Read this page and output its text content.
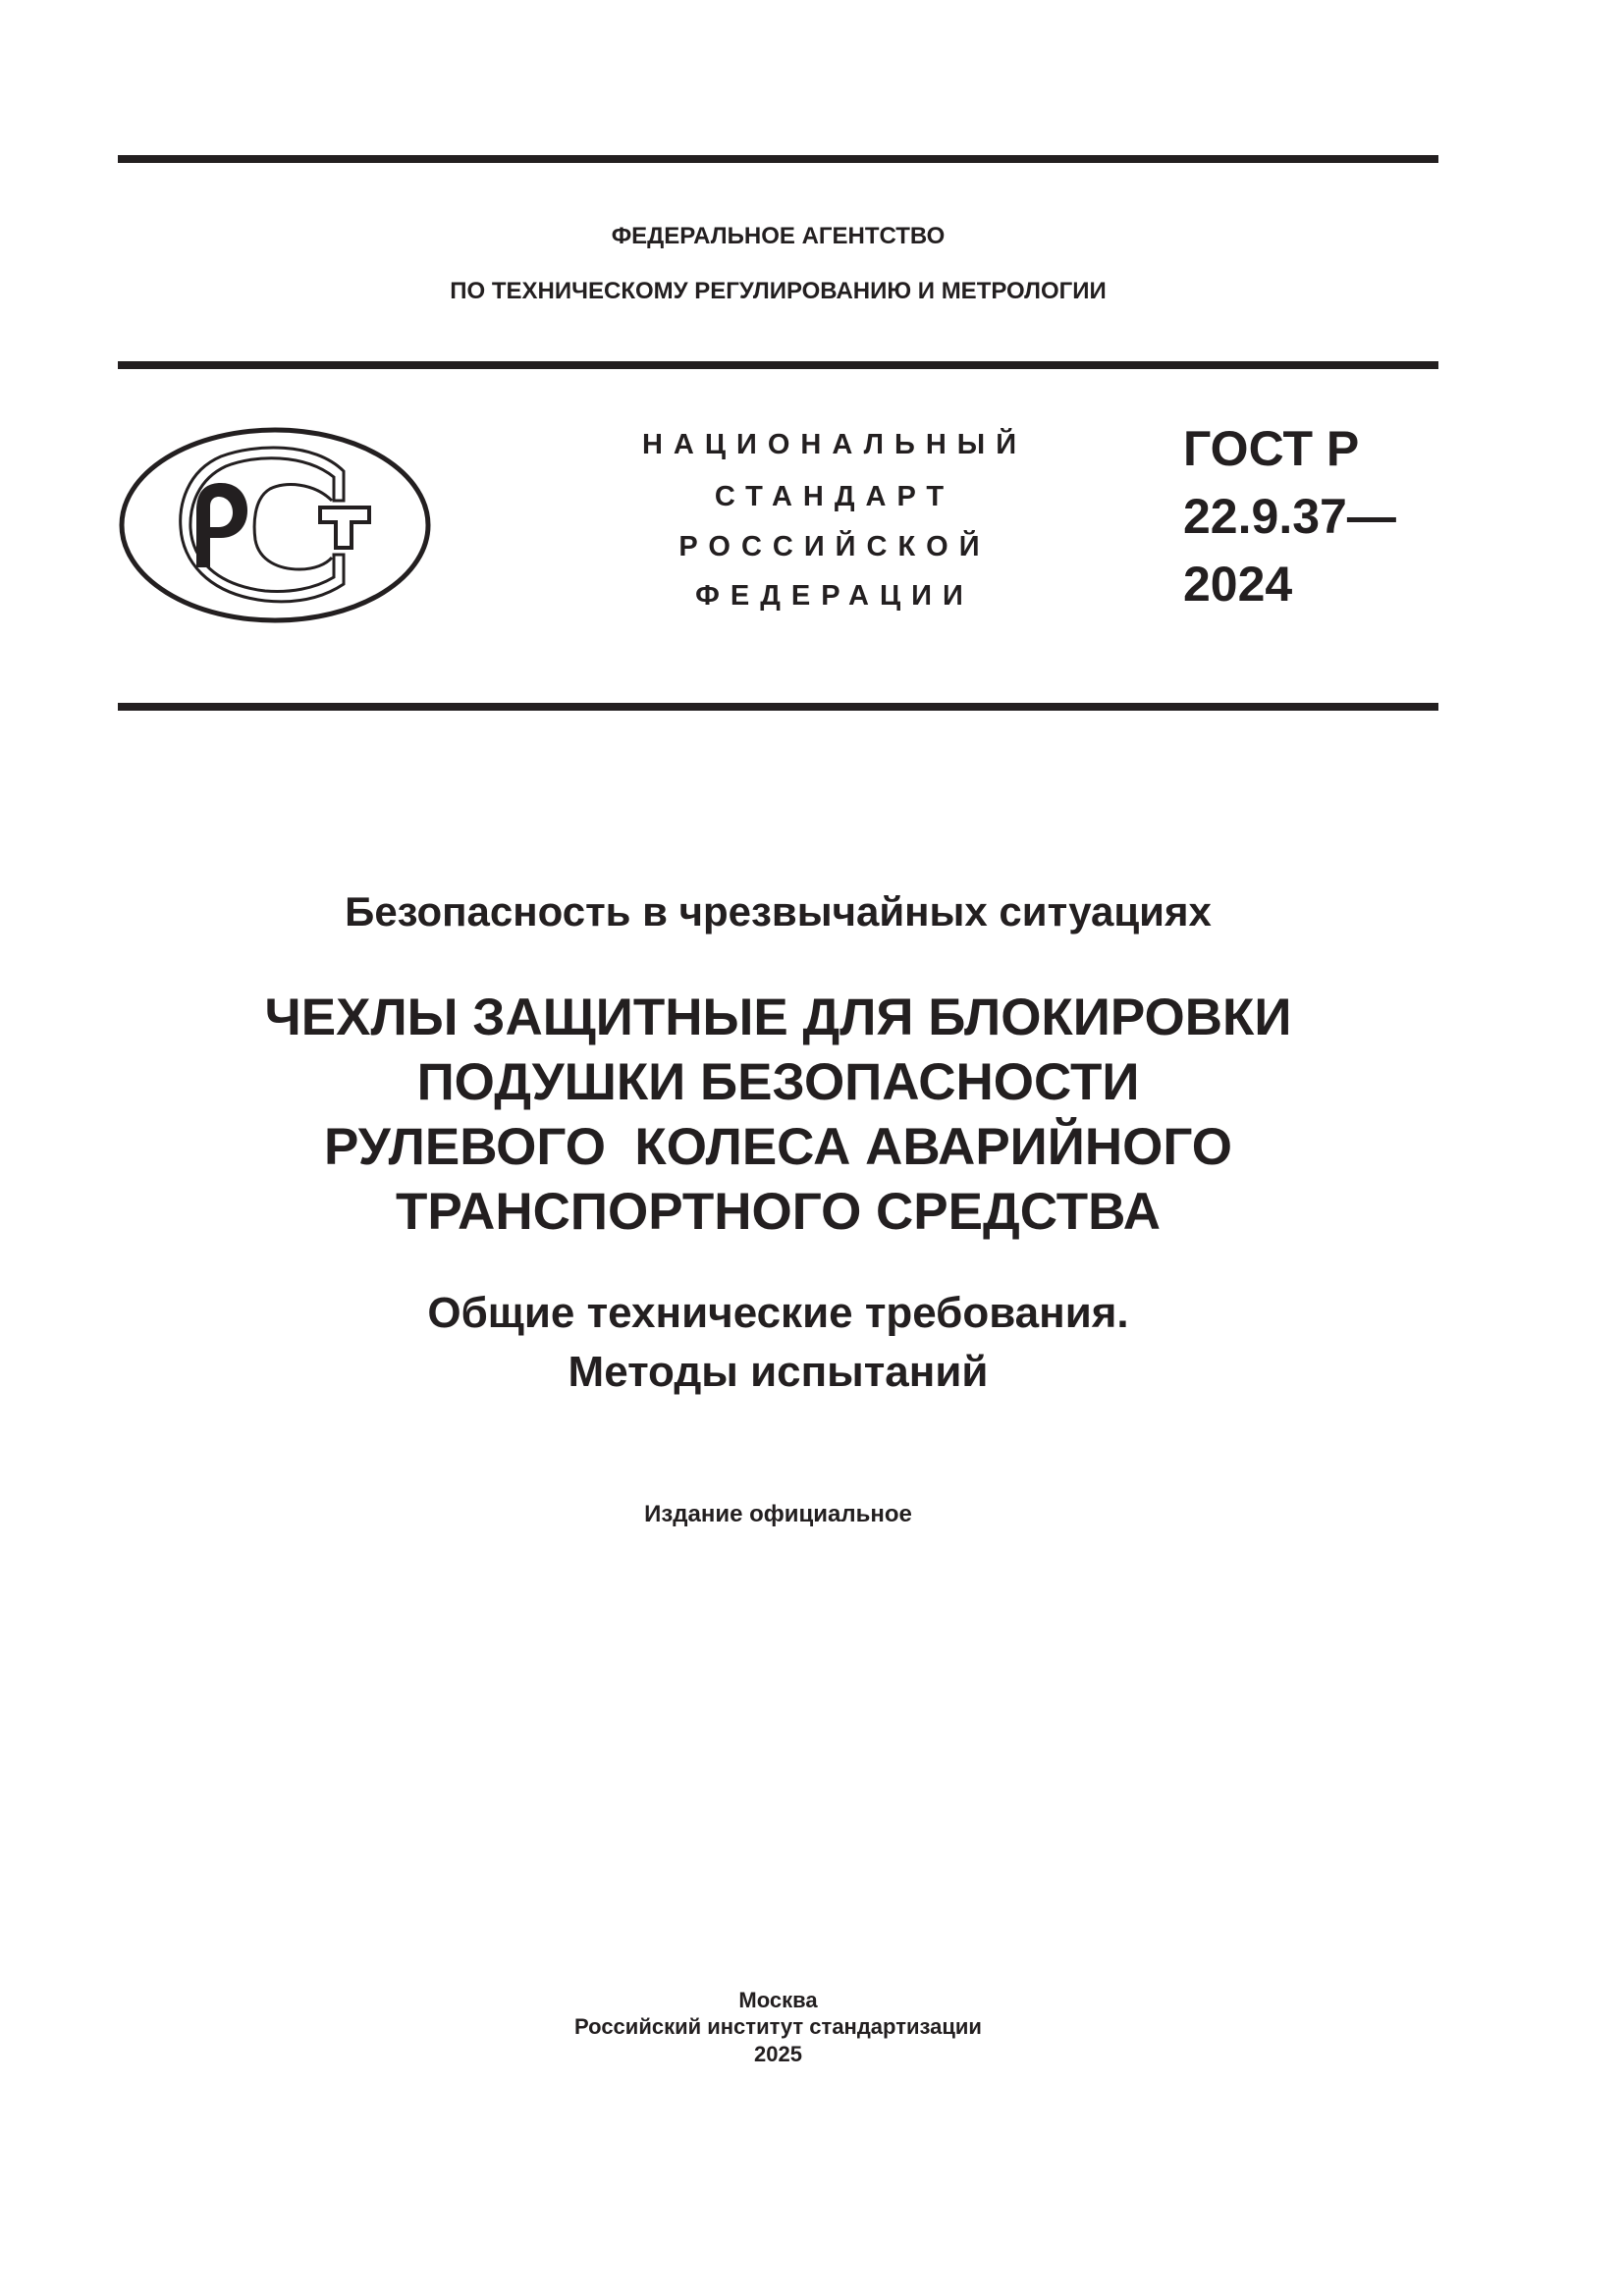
ФЕДЕРАЛЬНОЕ АГЕНТСТВО
ПО ТЕХНИЧЕСКОМУ РЕГУЛИРОВАНИЮ И МЕТРОЛОГИИ
НАЦИОНАЛЬНЫЙ
СТАНДАРТ
РОССИЙСКОЙ
ФЕДЕРАЦИИ
ГОСТ Р
22.9.37—
2024
Безопасность в чрезвычайных ситуациях
ЧЕХЛЫ ЗАЩИТНЫЕ ДЛЯ БЛОКИРОВКИ
ПОДУШКИ БЕЗОПАСНОСТИ
РУЛЕВОГО  КОЛЕСА АВАРИЙНОГО
ТРАНСПОРТНОГО СРЕДСТВА
Общие технические требования.
Методы испытаний
Издание официальное
Москва
Российский институт стандартизации
2025
